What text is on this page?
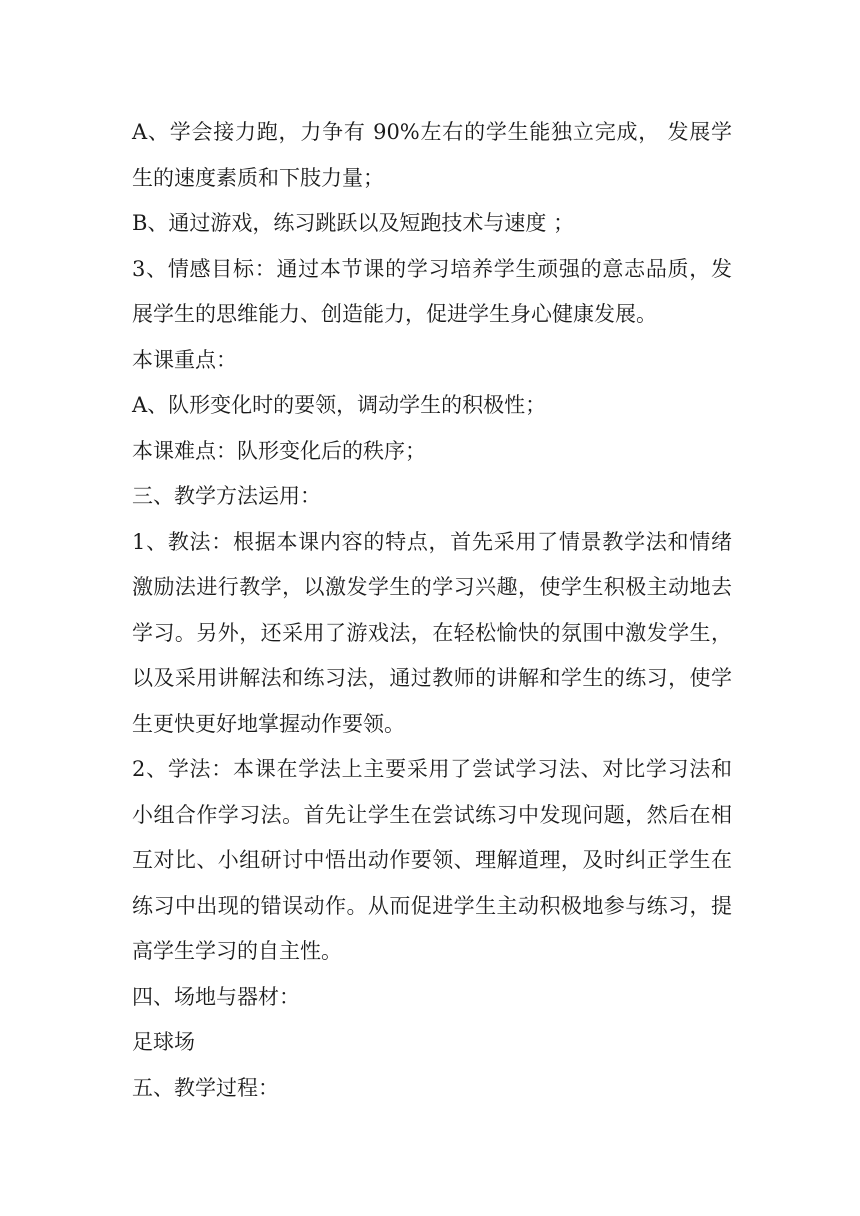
A、学会接力跑，力争有 90%左右的学生能独立完成， 发展学生的速度素质和下肢力量；

B、通过游戏，练习跳跃以及短跑技术与速度 ；

3、情感目标：通过本节课的学习培养学生顽强的意志品质，发展学生的思维能力、创造能力，促进学生身心健康发展。

本课重点：

A、队形变化时的要领，调动学生的积极性；

本课难点：队形变化后的秩序；

三、教学方法运用：

1、教法：根据本课内容的特点，首先采用了情景教学法和情绪激励法进行教学，以激发学生的学习兴趣，使学生积极主动地去学习。另外，还采用了游戏法，在轻松愉快的氛围中激发学生，以及采用讲解法和练习法，通过教师的讲解和学生的练习，使学生更快更好地掌握动作要领。

2、学法：本课在学法上主要采用了尝试学习法、对比学习法和小组合作学习法。首先让学生在尝试练习中发现问题，然后在相互对比、小组研讨中悟出动作要领、理解道理，及时纠正学生在练习中出现的错误动作。从而促进学生主动积极地参与练习，提高学生学习的自主性。

四、场地与器材：

足球场

五、教学过程：
